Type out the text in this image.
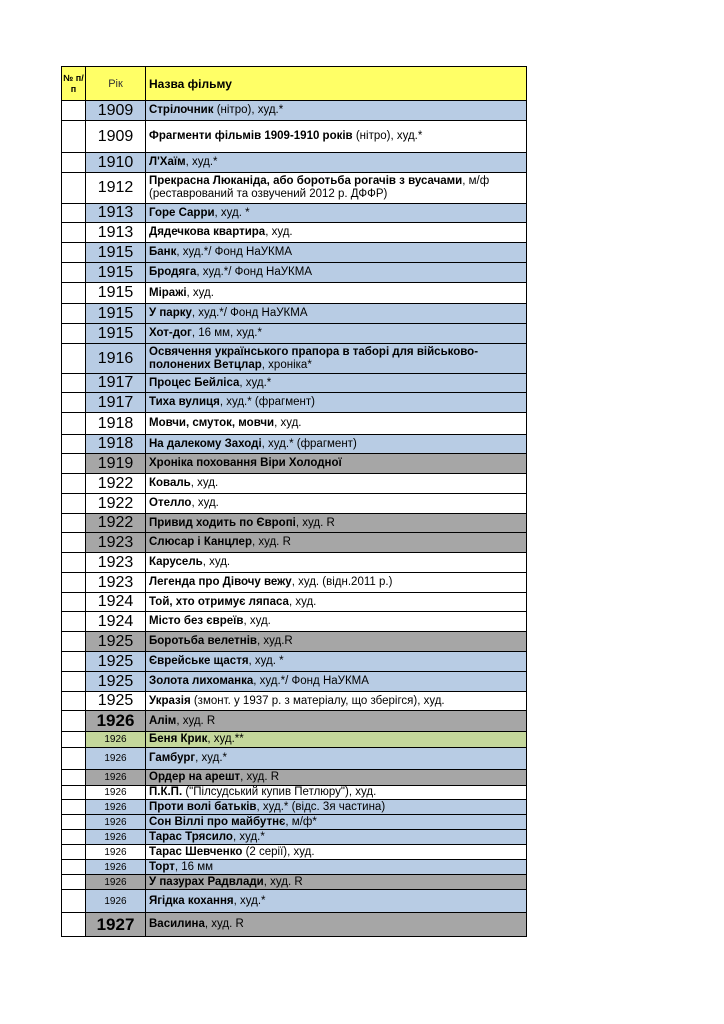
№ п/п	Рік	Назва фільму
	1909	Стрілочник (нітро), худ.*
	1909	Фрагменти фільмів 1909-1910 років (нітро), худ.*
	1910	Л'Хаїм, худ.*
	1912	Прекрасна Люканіда, або боротьба рогачів з вусачами, м/ф (реставрований та озвучений 2012 р. ДФФР)
	1913	Горе Сарри, худ. *
	1913	Дядечкова квартира, худ.
	1915	Банк, худ.*/ Фонд НаУКМА
	1915	Бродяга, худ.*/ Фонд НаУКМА
	1915	Міражі, худ.
	1915	У парку, худ.*/ Фонд НаУКМА
	1915	Хот-дог, 16 мм, худ.*
	1916	Освячення українського прапора в таборі для військово-полонених Ветцлар, хроніка*
	1917	Процес Бейліса, худ.*
	1917	Тиха вулиця, худ.* (фрагмент)
	1918	Мовчи, смуток, мовчи, худ.
	1918	На далекому Заході, худ.* (фрагмент)
	1919	Хроніка поховання Віри Холодної
	1922	Коваль, худ.
	1922	Отелло, худ.
	1922	Привид ходить по Європі, худ. R
	1923	Слюсар і Канцлер, худ. R
	1923	Карусель, худ.
	1923	Легенда про Дівочу вежу, худ. (відн.2011 р.)
	1924	Той, хто отримує ляпаса, худ.
	1924	Місто без євреїв, худ.
	1925	Боротьба велетнів, худ.R
	1925	Єврейське щастя, худ. *
	1925	Золота лихоманка, худ.*/ Фонд НаУКМА
	1925	Укразія (змонт. у 1937 р. з матеріалу, що зберігся), худ.
	1926	Алім, худ. R
	1926	Беня Крик, худ.**
	1926	Гамбург, худ.*
	1926	Ордер на арешт, худ. R
	1926	П.К.П. ("Пілсудський купив Петлюру"), худ.
	1926	Проти волі батьків, худ.* (відс. 3я частина)
	1926	Сон Віллі про майбутнє, м/ф*
	1926	Тарас Трясило, худ.*
	1926	Тарас Шевченко (2 серії), худ.
	1926	Торт, 16 мм
	1926	У пазурах Радвлади, худ. R
	1926	Ягідка кохання, худ.*
	1927	Василина, худ. R
